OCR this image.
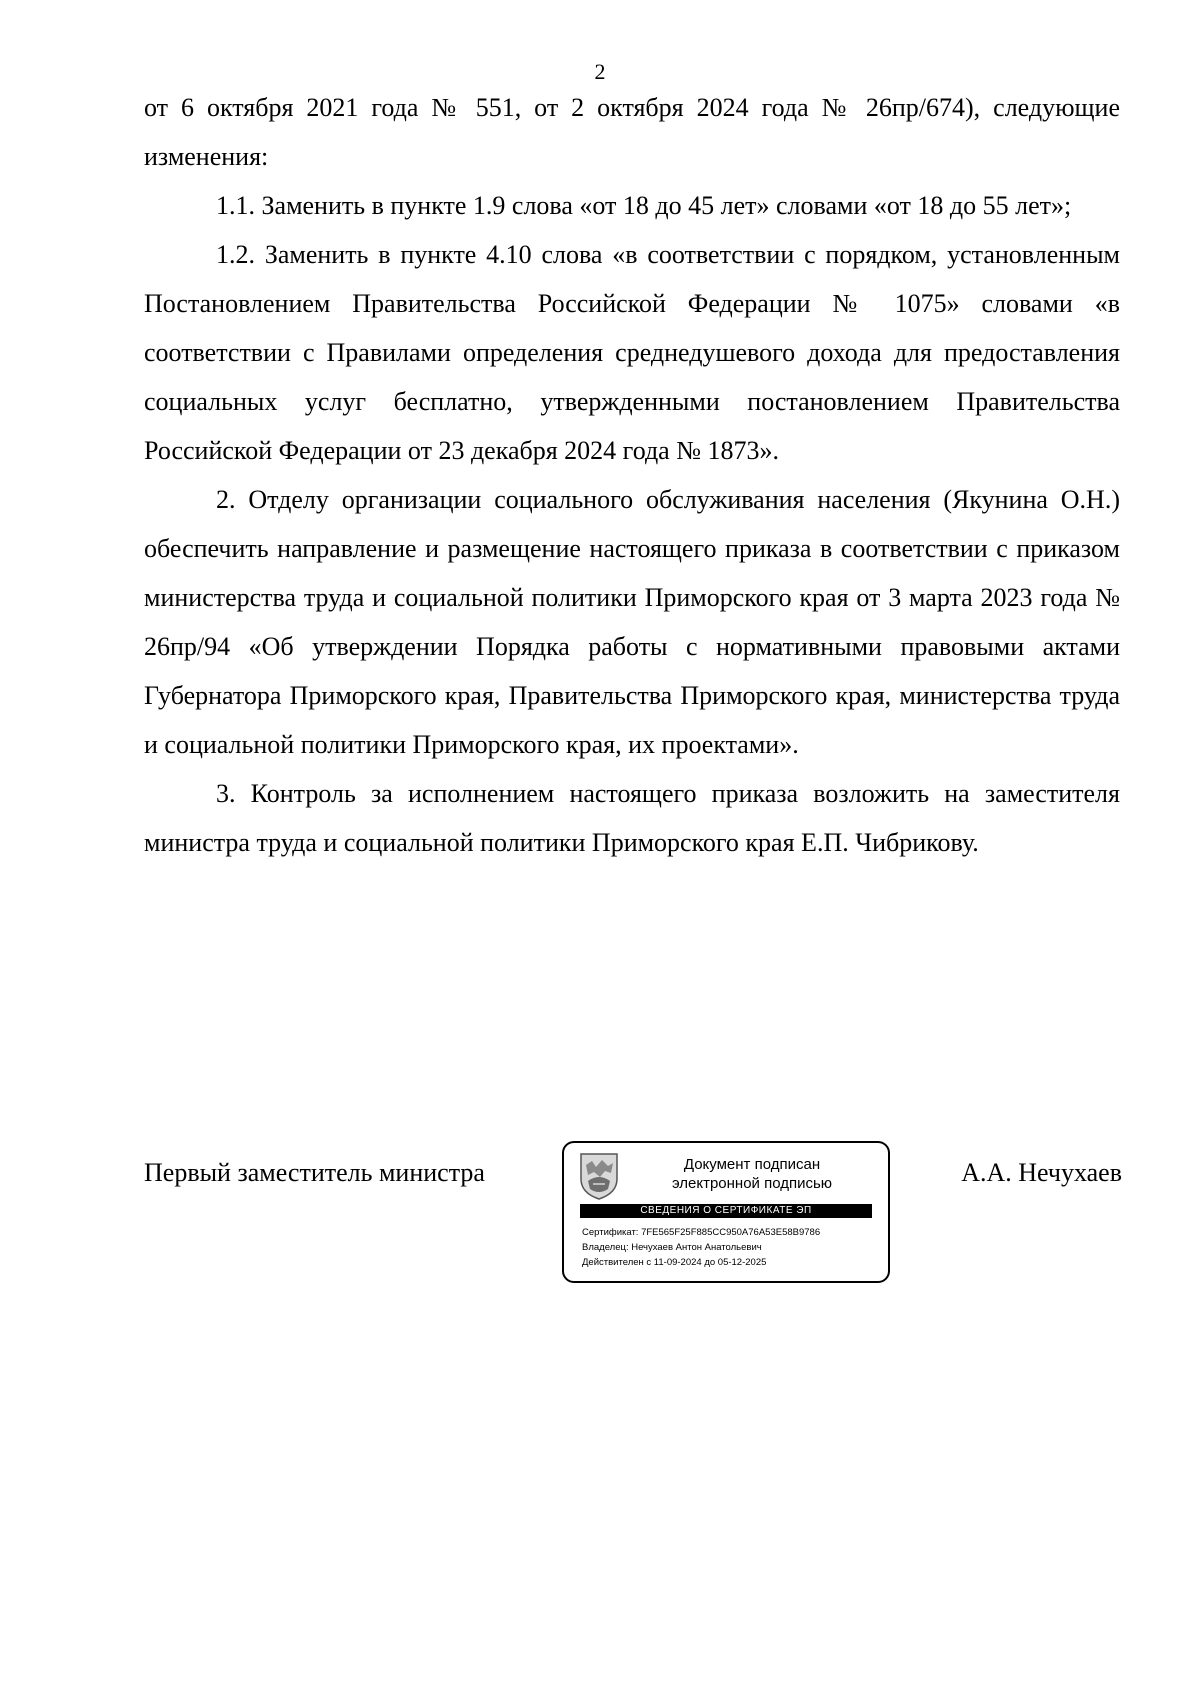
2

от 6 октября 2021 года № 551, от 2 октября 2024 года № 26пр/674), следующие изменения:

1.1. Заменить в пункте 1.9 слова «от 18 до 45 лет» словами «от 18 до 55 лет»;

1.2. Заменить в пункте 4.10 слова «в соответствии с порядком, установленным Постановлением Правительства Российской Федерации № 1075» словами «в соответствии с Правилами определения среднедушевого дохода для предоставления социальных услуг бесплатно, утвержденными постановлением Правительства Российской Федерации от 23 декабря 2024 года № 1873».

2. Отделу организации социального обслуживания населения (Якунина О.Н.) обеспечить направление и размещение настоящего приказа в соответствии с приказом министерства труда и социальной политики Приморского края от 3 марта 2023 года № 26пр/94 «Об утверждении Порядка работы с нормативными правовыми актами Губернатора Приморского края, Правительства Приморского края, министерства труда и социальной политики Приморского края, их проектами».

3. Контроль за исполнением настоящего приказа возложить на заместителя министра труда и социальной политики Приморского края Е.П. Чибрикову.

Первый заместитель министра	Документ подписан
электронной подписью
СВЕДЕНИЯ О СЕРТИФИКАТЕ ЭП
Сертификат: 7FE565F25F885CC950A76A53E58B9786
Владелец: Нечухаев Антон Анатольевич
Действителен с 11-09-2024 до 05-12-2025
А.А. Нечухаев
